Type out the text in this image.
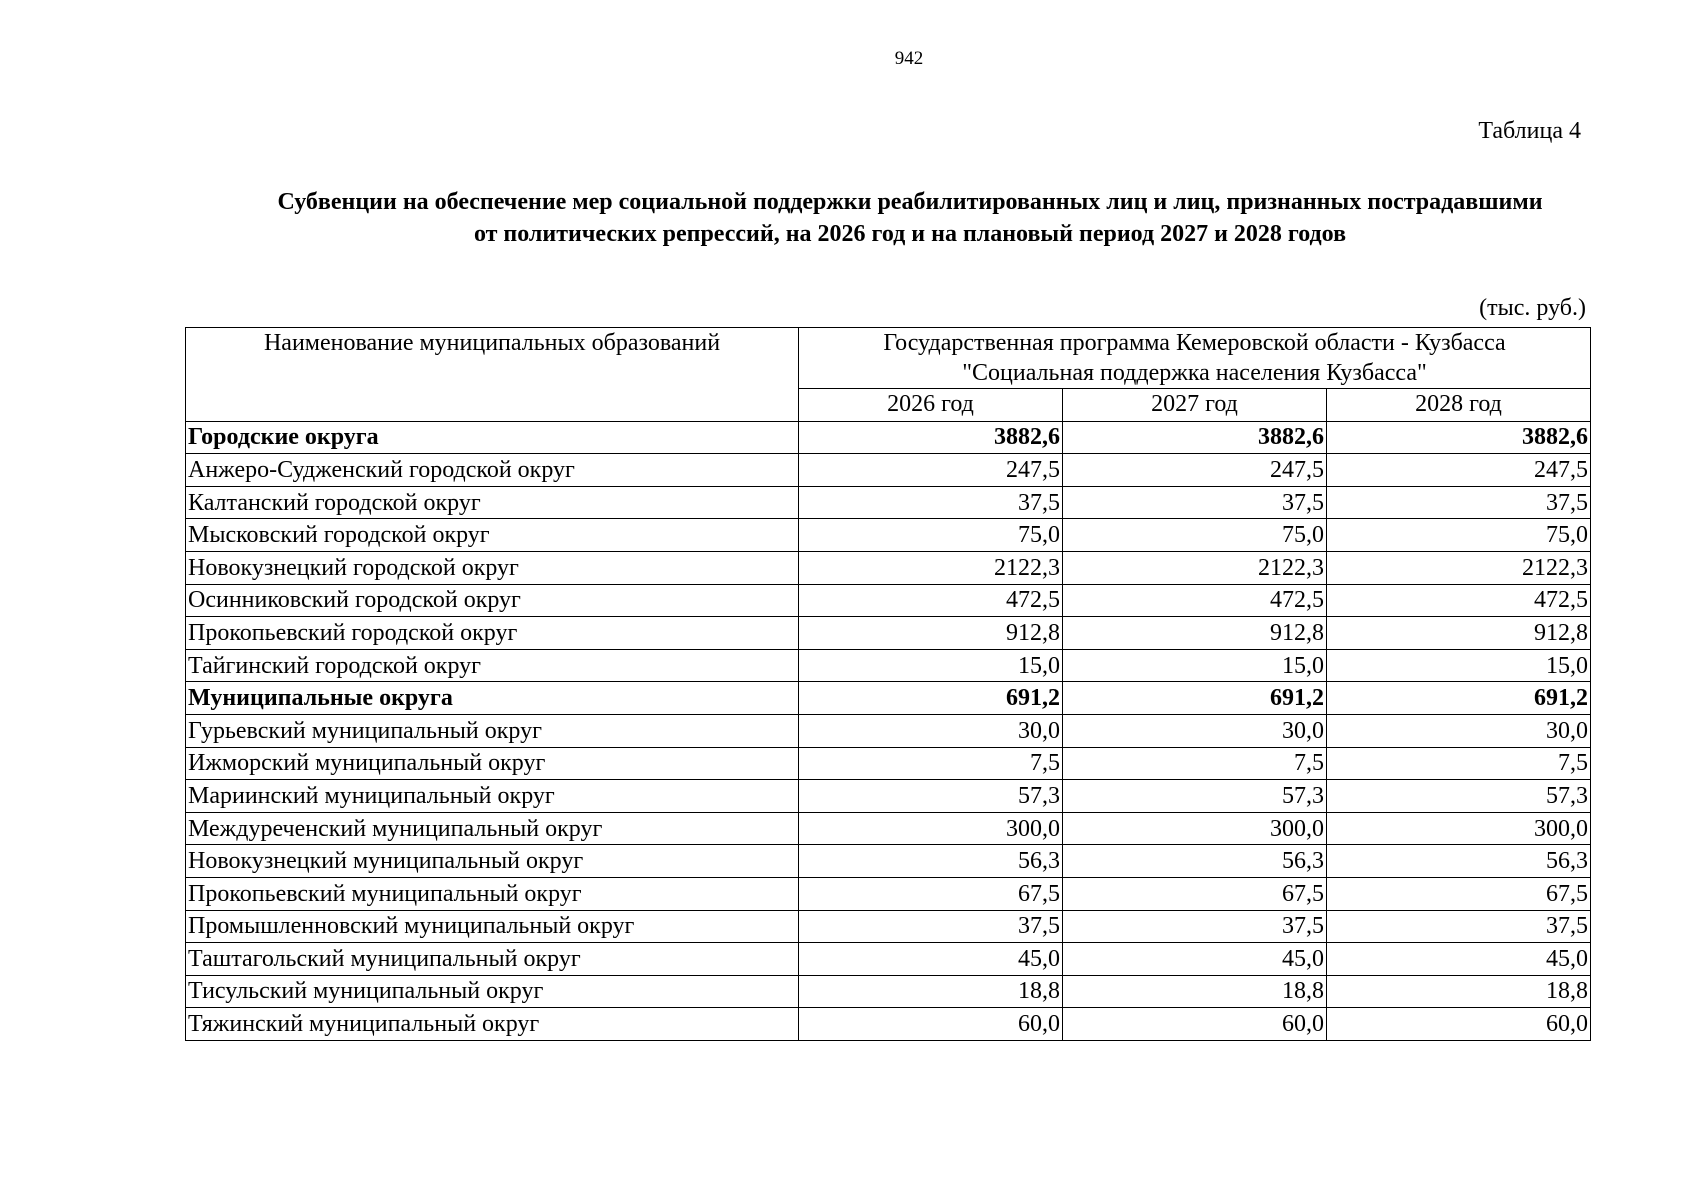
942
Таблица 4
Субвенции на обеспечение мер социальной поддержки реабилитированных лиц и лиц, признанных пострадавшими
от политических репрессий, на 2026 год и на плановый период 2027 и 2028 годов
(тыс. руб.)
Наименование муниципальных образований	Государственная программа Кемеровской области - Кузбасса
"Социальная поддержка населения Кузбасса"		

	2026 год	2027 год	2028 год
Городские округа	3882,6	3882,6	3882,6
Анжеро-Судженский городской округ	247,5	247,5	247,5
Калтанский городской округ	37,5	37,5	37,5
Мысковский городской округ	75,0	75,0	75,0
Новокузнецкий городской округ	2122,3	2122,3	2122,3
Осинниковский городской округ	472,5	472,5	472,5
Прокопьевский городской округ	912,8	912,8	912,8
Тайгинский городской округ	15,0	15,0	15,0
Муниципальные округа	691,2	691,2	691,2
Гурьевский муниципальный округ	30,0	30,0	30,0
Ижморский муниципальный округ	7,5	7,5	7,5
Мариинский муниципальный округ	57,3	57,3	57,3
Междуреченский муниципальный округ	300,0	300,0	300,0
Новокузнецкий муниципальный округ	56,3	56,3	56,3
Прокопьевский муниципальный округ	67,5	67,5	67,5
Промышленновский муниципальный округ	37,5	37,5	37,5
Таштагольский муниципальный округ	45,0	45,0	45,0
Тисульский муниципальный округ	18,8	18,8	18,8
Тяжинский муниципальный округ	60,0	60,0	60,0
